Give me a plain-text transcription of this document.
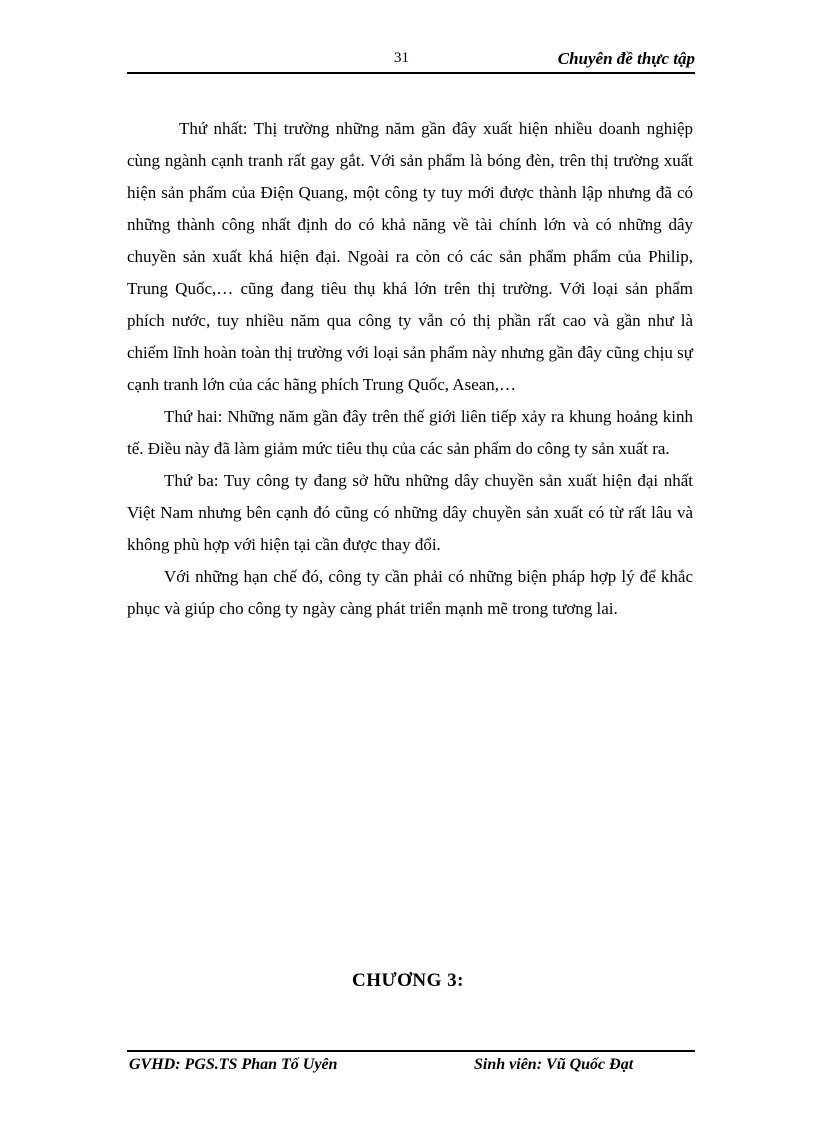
31	Chuyên đề thực tập

Thứ nhất: Thị trường những năm gần đây xuất hiện nhiều doanh nghiệp cùng ngành cạnh tranh rất gay gắt. Với sản phẩm là bóng đèn, trên thị trường xuất hiện sản phẩm của Điện Quang, một công ty tuy mới được thành lập nhưng đã có những thành công nhất định do có khả năng về tài chính lớn và có những dây chuyền sản xuất khá hiện đại. Ngoài ra còn có các sản phẩm phẩm của Philip, Trung Quốc,… cũng đang tiêu thụ khá lớn trên thị trường. Với loại sản phẩm phích nước, tuy nhiều năm qua công ty vẫn có thị phần rất cao và gần như là chiếm lĩnh hoàn toàn thị trường với loại sản phẩm này nhưng gần đây cũng chịu sự cạnh tranh lớn của các hãng phích Trung Quốc, Asean,…

Thứ hai: Những năm gần đây trên thế giới liên tiếp xảy ra khung hoảng kinh tế. Điều này đã làm giảm mức tiêu thụ của các sản phẩm do công ty sản xuất ra.

Thứ ba: Tuy công ty đang sở hữu những dây chuyền sản xuất hiện đại nhất Việt Nam nhưng bên cạnh đó cũng có những dây chuyền sản xuất có từ rất lâu và không phù hợp với hiện tại cần được thay đổi.

Với những hạn chế đó, công ty cần phải có những biện pháp hợp lý để khắc phục và giúp cho công ty ngày càng phát triển mạnh mẽ trong tương lai.

CHƯƠNG 3:
GVHD: PGS.TS Phan Tố Uyên	Sinh viên: Vũ Quốc Đạt
